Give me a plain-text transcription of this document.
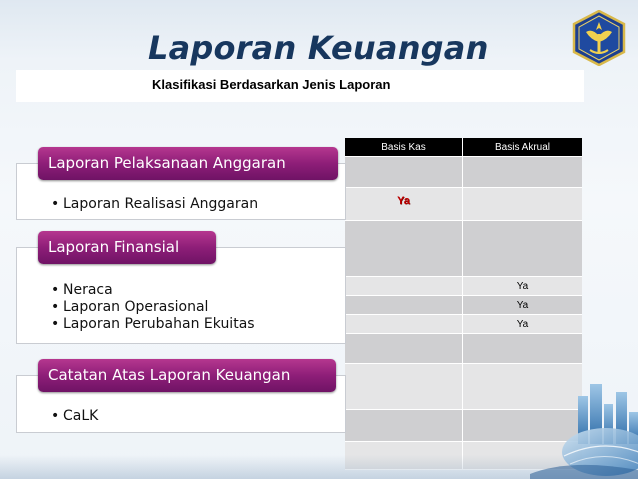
Laporan Keuangan
Klasifikasi Berdasarkan Jenis Laporan
Basis Kas	Basis Akrual
Ya
Ya
Ya
Ya
Laporan Pelaksanaan Anggaran
• Laporan Realisasi Anggaran
Laporan Finansial
• Neraca
• Laporan Operasional
• Laporan Perubahan Ekuitas
Catatan Atas Laporan Keuangan
• CaLK
